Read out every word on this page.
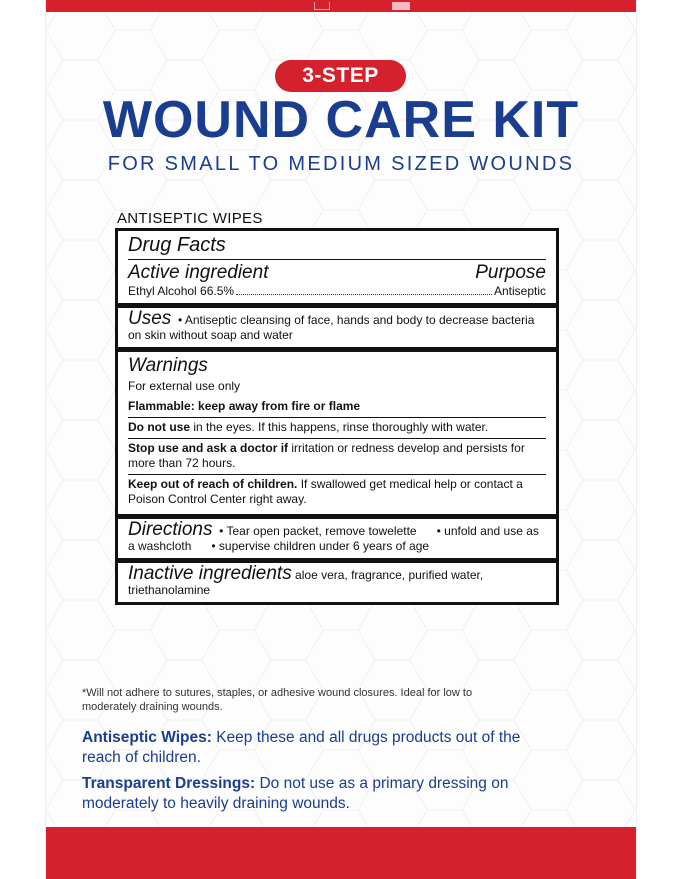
3-STEP
WOUND CARE KIT
FOR SMALL TO MEDIUM SIZED WOUNDS
ANTISEPTIC WIPES
Drug Facts
Active ingredient	Purpose
Ethyl Alcohol 66.5%	Antiseptic
Uses • Antiseptic cleansing of face, hands and body to decrease bacteria
on skin without soap and water
Warnings
For external use only
Flammable: keep away from fire or flame
Do not use in the eyes. If this happens, rinse thoroughly with water.
Stop use and ask a doctor if irritation or redness develop and persists for
more than 72 hours.
Keep out of reach of children. If swallowed get medical help or contact a
Poison Control Center right away.
Directions • Tear open packet, remove towelette • unfold and use as
a washcloth • supervise children under 6 years of age
Inactive ingredients aloe vera, fragrance, purified water,
triethanolamine
*Will not adhere to sutures, staples, or adhesive wound closures. Ideal for low to
moderately draining wounds.
Antiseptic Wipes: Keep these and all drugs products out of the
reach of children.
Transparent Dressings: Do not use as a primary dressing on
moderately to heavily draining wounds.
